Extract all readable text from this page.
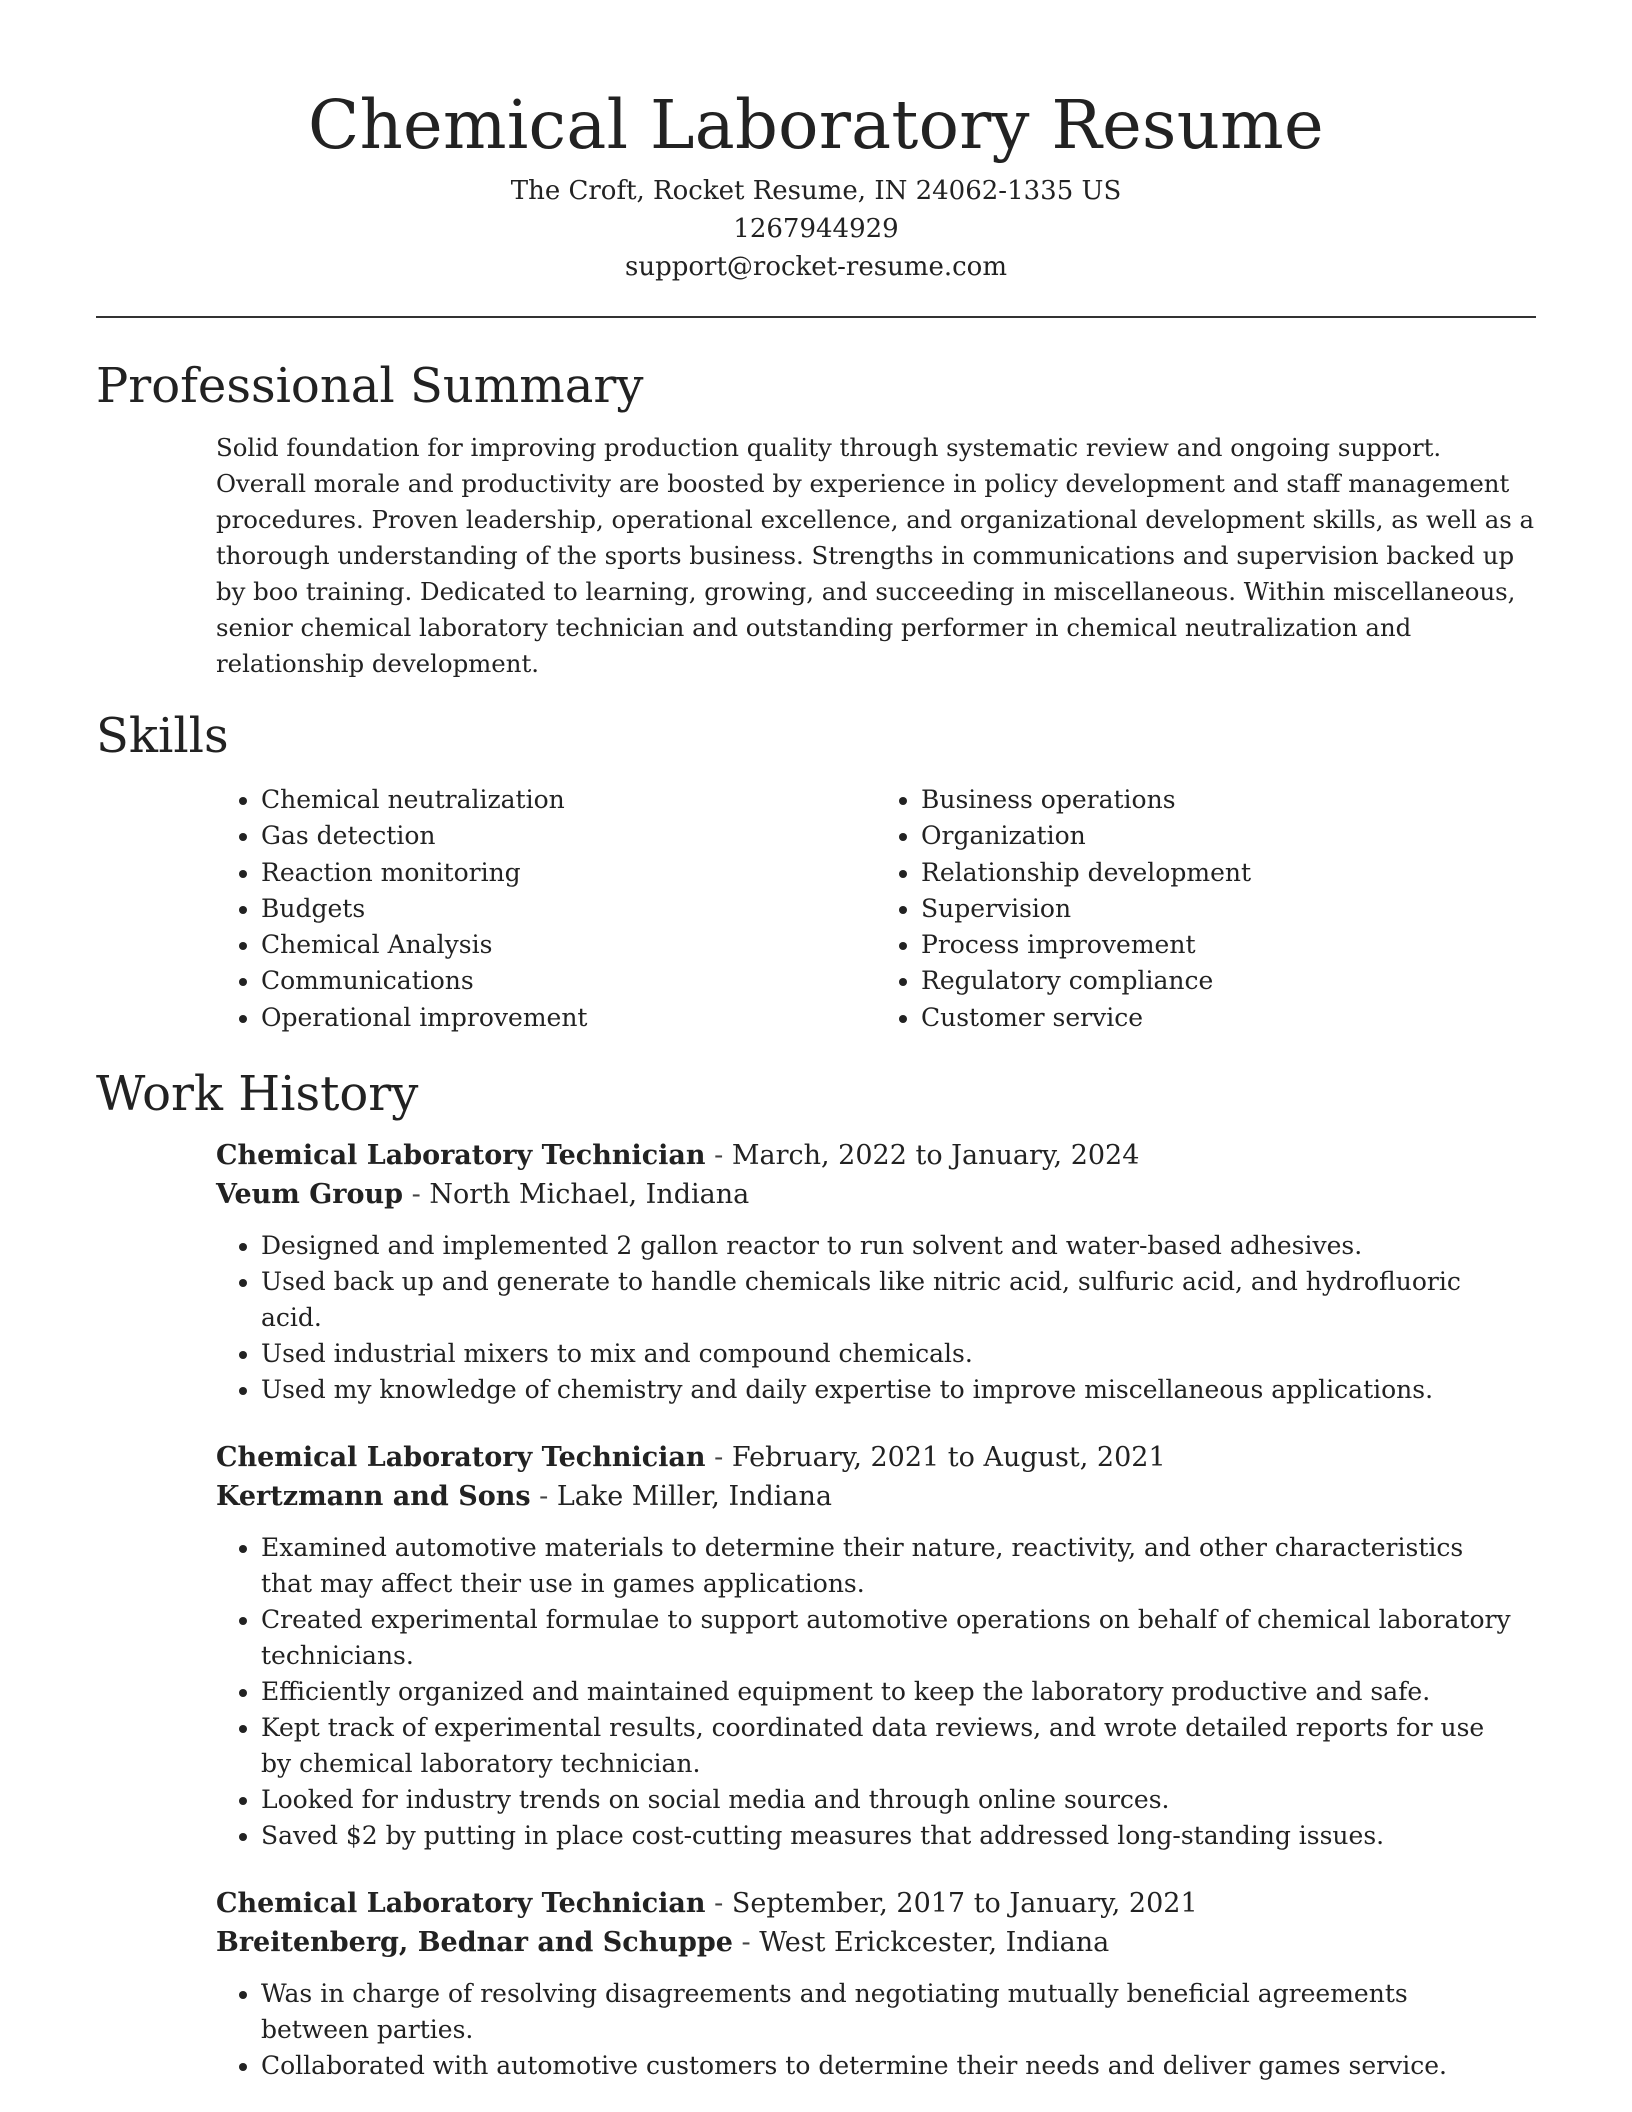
Chemical Laboratory Resume
The Croft, Rocket Resume, IN 24062-1335 US
1267944929
support@rocket-resume.com
Professional Summary

Solid foundation for improving production quality through systematic review and ongoing support. Overall morale and productivity are boosted by experience in policy development and staff management procedures. Proven leadership, operational excellence, and organizational development skills, as well as a thorough understanding of the sports business. Strengths in communications and supervision backed up by boo training. Dedicated to learning, growing, and succeeding in miscellaneous. Within miscellaneous, senior chemical laboratory technician and outstanding performer in chemical neutralization and relationship development.

Skills
• Chemical neutralization
• Gas detection
• Reaction monitoring
• Budgets
• Chemical Analysis
• Communications
• Operational improvement
• Business operations
• Organization
• Relationship development
• Supervision
• Process improvement
• Regulatory compliance
• Customer service
Work History
Chemical Laboratory Technician - March, 2022 to January, 2024
Veum Group - North Michael, Indiana
• Designed and implemented 2 gallon reactor to run solvent and water-based adhesives.
• Used back up and generate to handle chemicals like nitric acid, sulfuric acid, and hydrofluoric acid.
• Used industrial mixers to mix and compound chemicals.
• Used my knowledge of chemistry and daily expertise to improve miscellaneous applications.
Chemical Laboratory Technician - February, 2021 to August, 2021
Kertzmann and Sons - Lake Miller, Indiana
• Examined automotive materials to determine their nature, reactivity, and other characteristics that may affect their use in games applications.
• Created experimental formulae to support automotive operations on behalf of chemical laboratory technicians.
• Efficiently organized and maintained equipment to keep the laboratory productive and safe.
• Kept track of experimental results, coordinated data reviews, and wrote detailed reports for use by chemical laboratory technician.
• Looked for industry trends on social media and through online sources.
• Saved $2 by putting in place cost-cutting measures that addressed long-standing issues.
Chemical Laboratory Technician - September, 2017 to January, 2021
Breitenberg, Bednar and Schuppe - West Erickcester, Indiana
• Was in charge of resolving disagreements and negotiating mutually beneficial agreements between parties.
• Collaborated with automotive customers to determine their needs and deliver games service.
